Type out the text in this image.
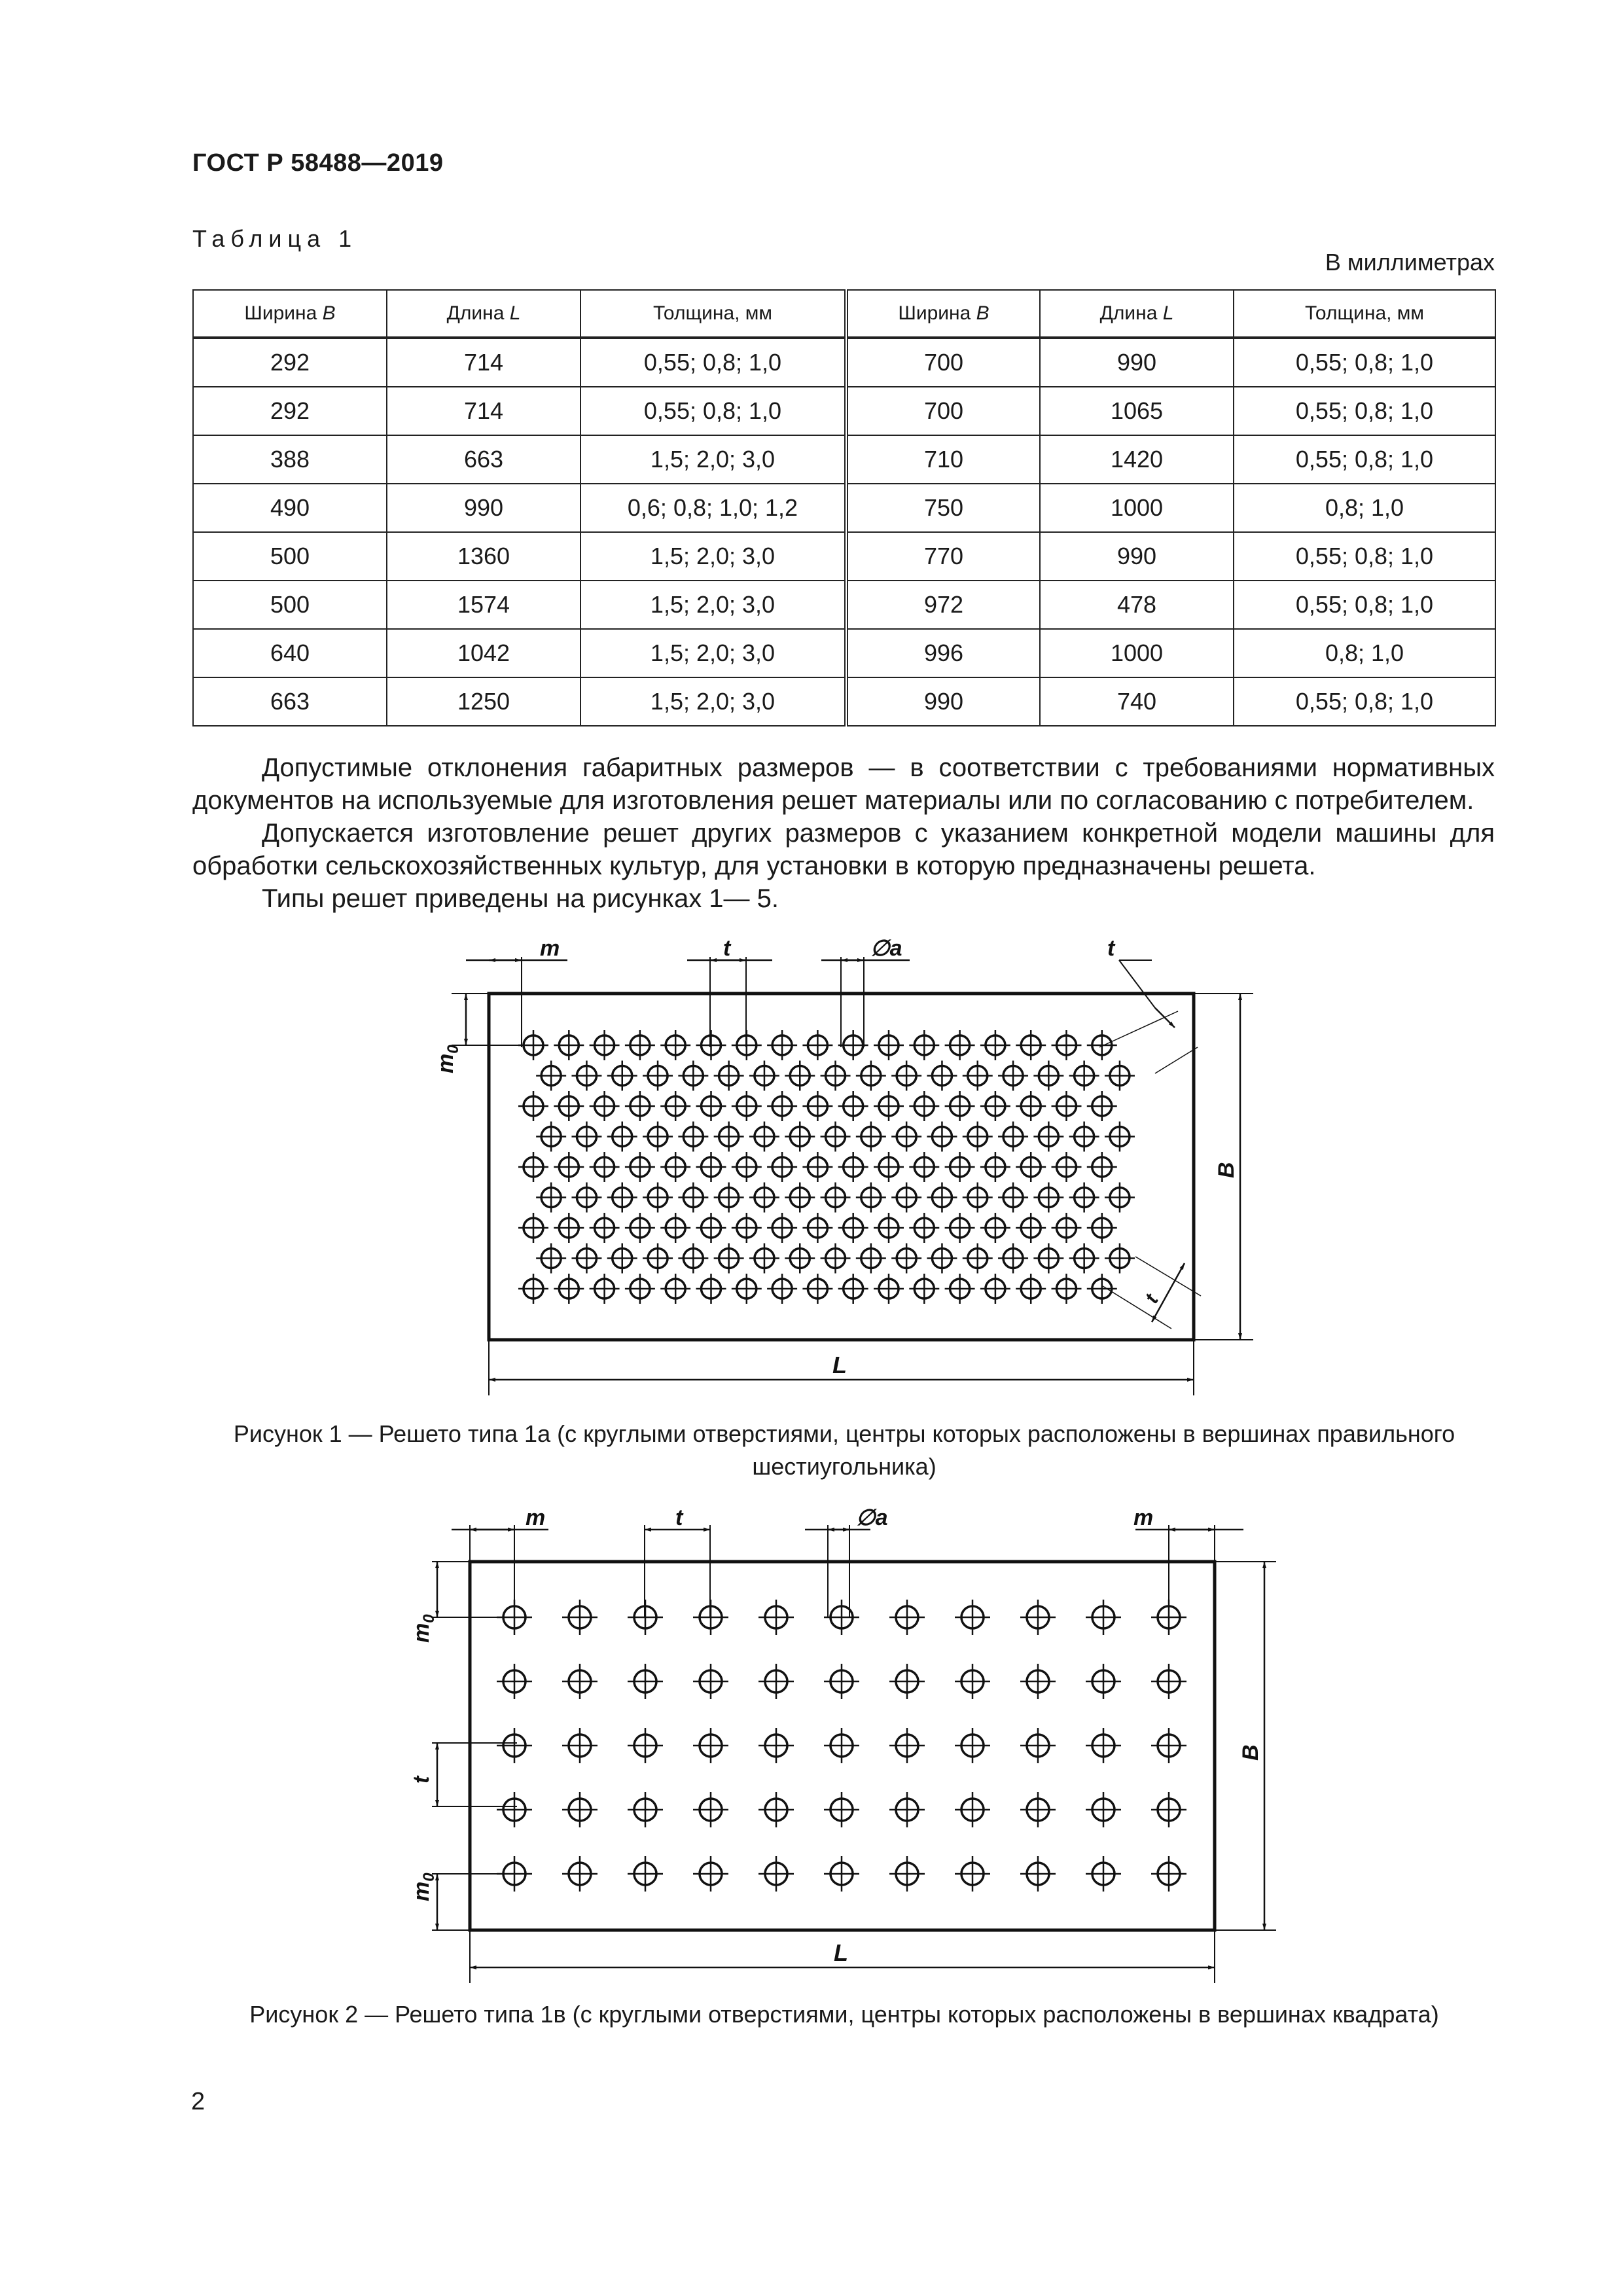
ГОСТ Р 58488—2019
Таблица 1
В миллиметрах
Ширина B	Длина L	Толщина, мм	Ширина B	Длина L	Толщина, мм
292	714	0,55; 0,8; 1,0	700	990	0,55; 0,8; 1,0
292	714	0,55; 0,8; 1,0	700	1065	0,55; 0,8; 1,0
388	663	1,5; 2,0; 3,0	710	1420	0,55; 0,8; 1,0
490	990	0,6; 0,8; 1,0; 1,2	750	1000	0,8; 1,0
500	1360	1,5; 2,0; 3,0	770	990	0,55; 0,8; 1,0
500	1574	1,5; 2,0; 3,0	972	478	0,55; 0,8; 1,0
640	1042	1,5; 2,0; 3,0	996	1000	0,8; 1,0
663	1250	1,5; 2,0; 3,0	990	740	0,55; 0,8; 1,0
Допустимые отклонения габаритных размеров — в соответствии с требованиями нормативных документов на используемые для изготовления решет материалы или по согласованию с потребителем.
Допускается изготовление решет других размеров с указанием конкретной модели машины для обработки сельскохозяйственных культур, для установки в которую предназначены решета.
Типы решет приведены на рисунках 1— 5.
m	t	∅a	t
t
B
L
$m_0$
m	t	∅a	m
$m_0$
t
$m_0$
B
L
Рисунок 1 — Решето типа 1а (с круглыми отверстиями, центры которых расположены в вершинах правильного шестиугольника)
Рисунок 2 — Решето типа 1в (с круглыми отверстиями, центры которых расположены в вершинах квадрата)
2
